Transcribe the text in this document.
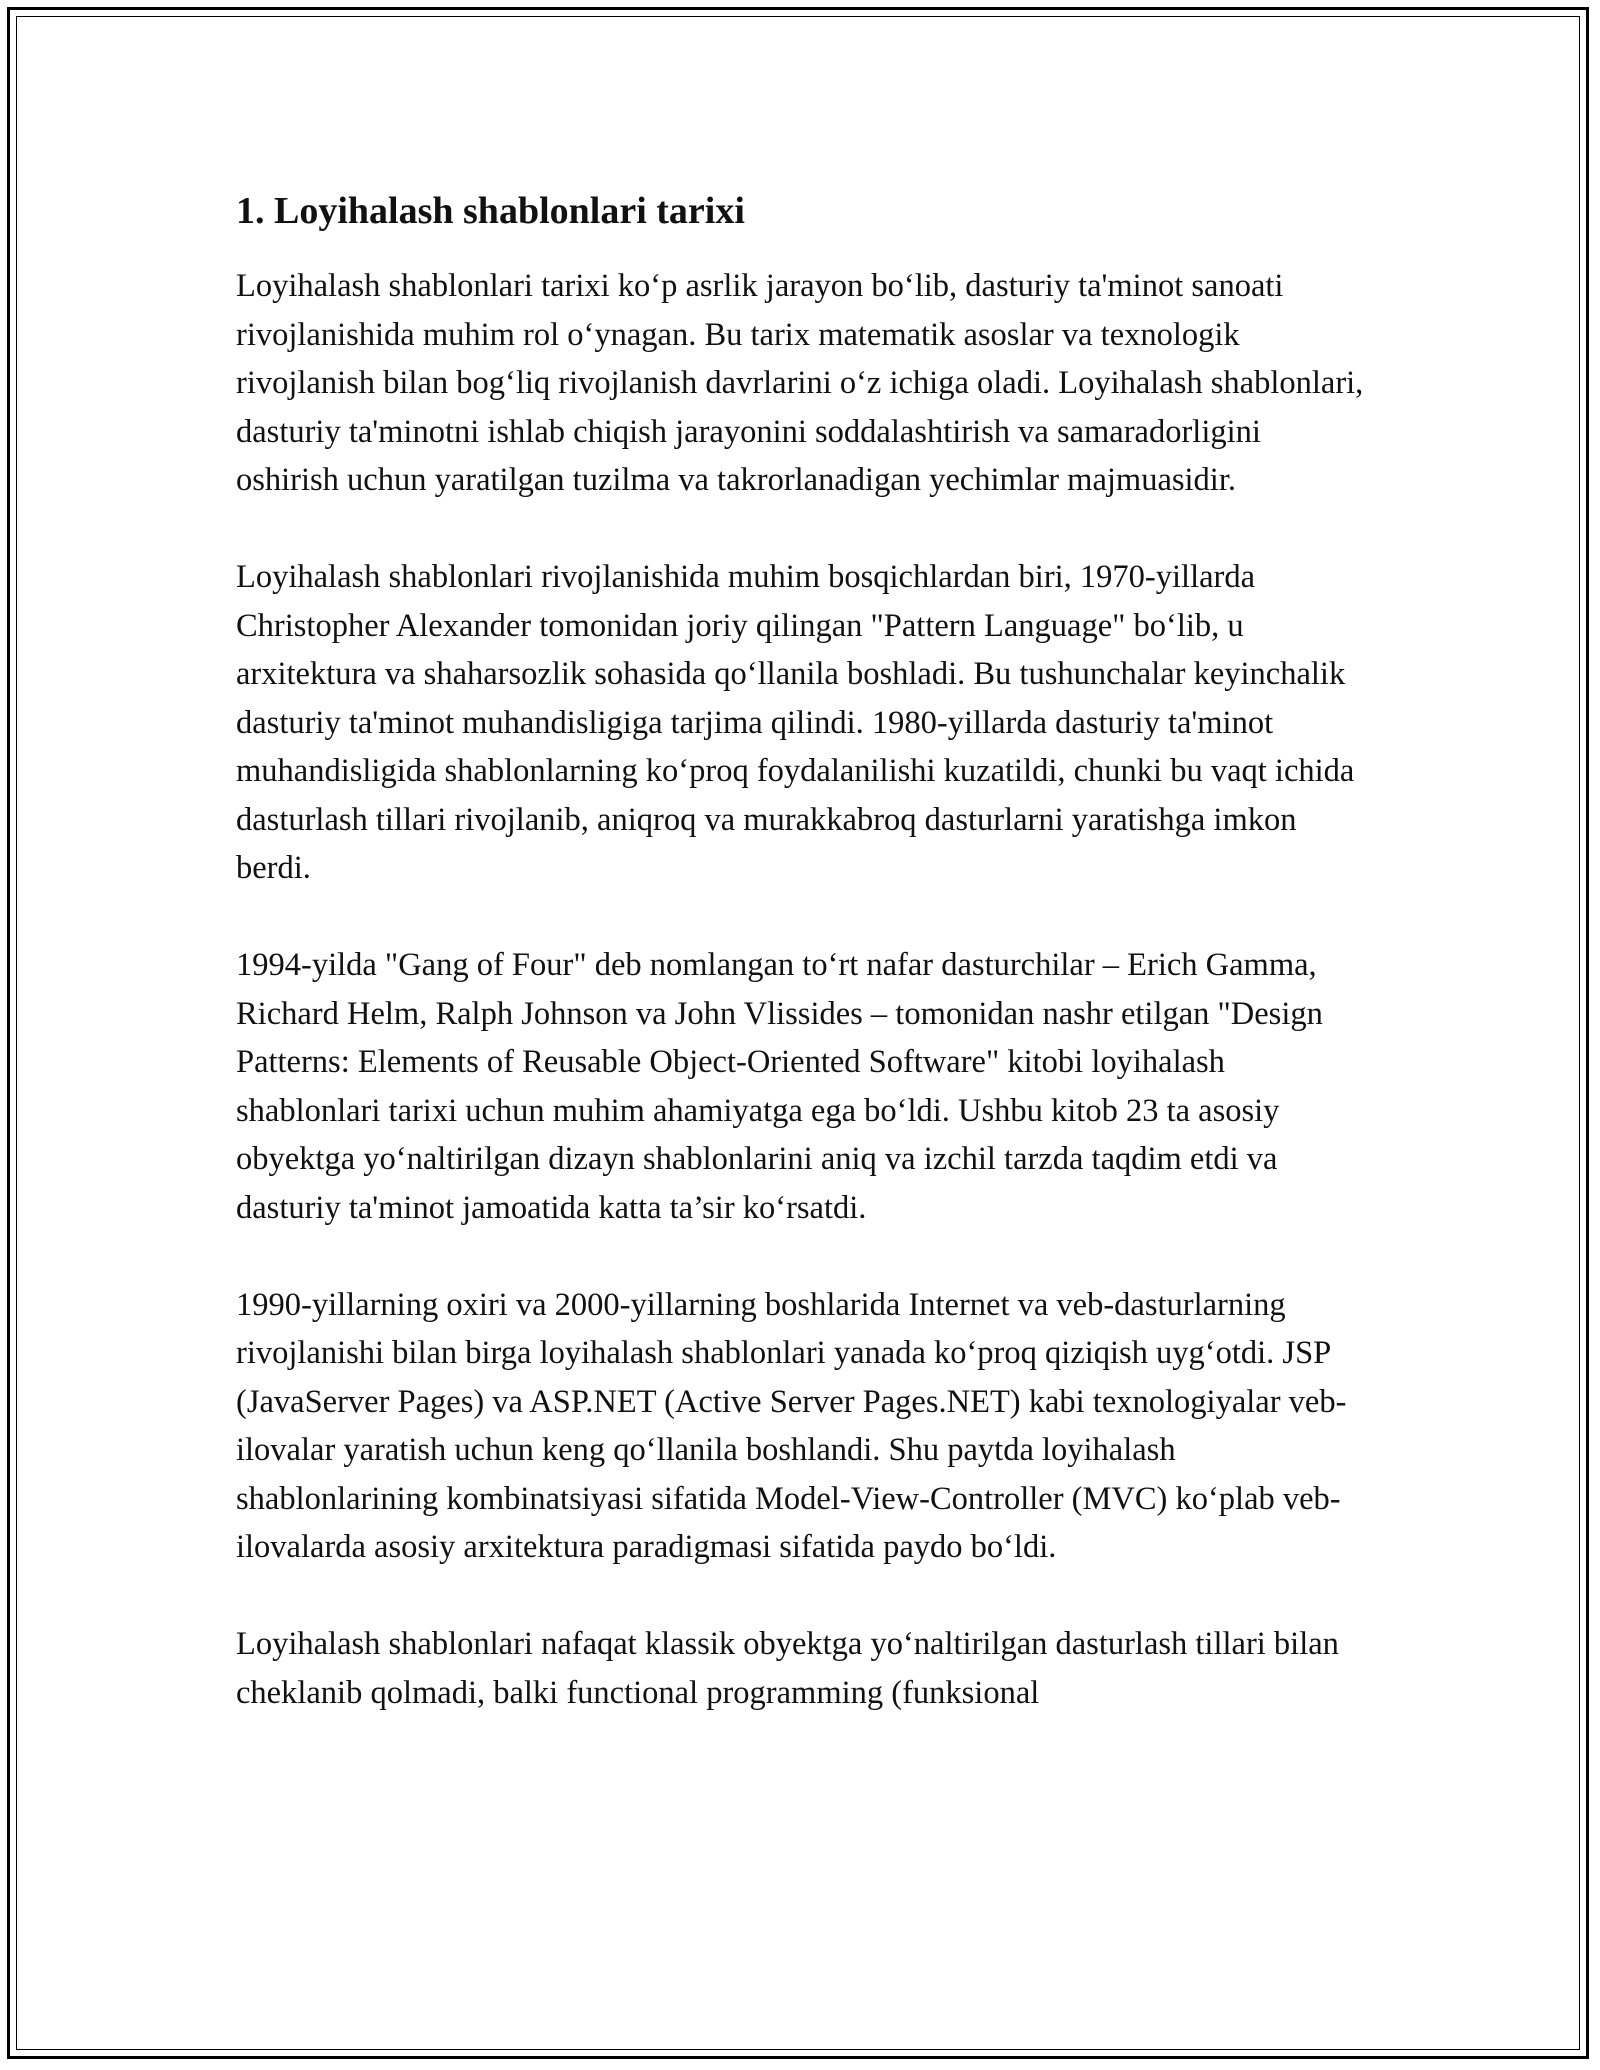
1. Loyihalash shablonlari tarixi

Loyihalash shablonlari tarixi ko‘p asrlik jarayon bo‘lib, dasturiy ta'minot sanoati rivojlanishida muhim rol o‘ynagan. Bu tarix matematik asoslar va texnologik rivojlanish bilan bog‘liq rivojlanish davrlarini o‘z ichiga oladi. Loyihalash shablonlari, dasturiy ta'minotni ishlab chiqish jarayonini soddalashtirish va samaradorligini oshirish uchun yaratilgan tuzilma va takrorlanadigan yechimlar majmuasidir.

Loyihalash shablonlari rivojlanishida muhim bosqichlardan biri, 1970-yillarda Christopher Alexander tomonidan joriy qilingan "Pattern Language" bo‘lib, u arxitektura va shaharsozlik sohasida qo‘llanila boshladi. Bu tushunchalar keyinchalik dasturiy ta'minot muhandisligiga tarjima qilindi. 1980-yillarda dasturiy ta'minot muhandisligida shablonlarning ko‘proq foydalanilishi kuzatildi, chunki bu vaqt ichida dasturlash tillari rivojlanib, aniqroq va murakkabroq dasturlarni yaratishga imkon berdi.

1994-yilda "Gang of Four" deb nomlangan to‘rt nafar dasturchilar – Erich Gamma, Richard Helm, Ralph Johnson va John Vlissides – tomonidan nashr etilgan "Design Patterns: Elements of Reusable Object-Oriented Software" kitobi loyihalash shablonlari tarixi uchun muhim ahamiyatga ega bo‘ldi. Ushbu kitob 23 ta asosiy obyektga yo‘naltirilgan dizayn shablonlarini aniq va izchil tarzda taqdim etdi va dasturiy ta'minot jamoatida katta ta’sir ko‘rsatdi.

1990-yillarning oxiri va 2000-yillarning boshlarida Internet va veb-dasturlarning rivojlanishi bilan birga loyihalash shablonlari yanada ko‘proq qiziqish uyg‘otdi. JSP (JavaServer Pages) va ASP.NET (Active Server Pages.NET) kabi texnologiyalar veb-ilovalar yaratish uchun keng qo‘llanila boshlandi. Shu paytda loyihalash shablonlarining kombinatsiyasi sifatida Model-View-Controller (MVC) ko‘plab veb-ilovalarda asosiy arxitektura paradigmasi sifatida paydo bo‘ldi.

Loyihalash shablonlari nafaqat klassik obyektga yo‘naltirilgan dasturlash tillari bilan cheklanib qolmadi, balki functional programming (funksional
